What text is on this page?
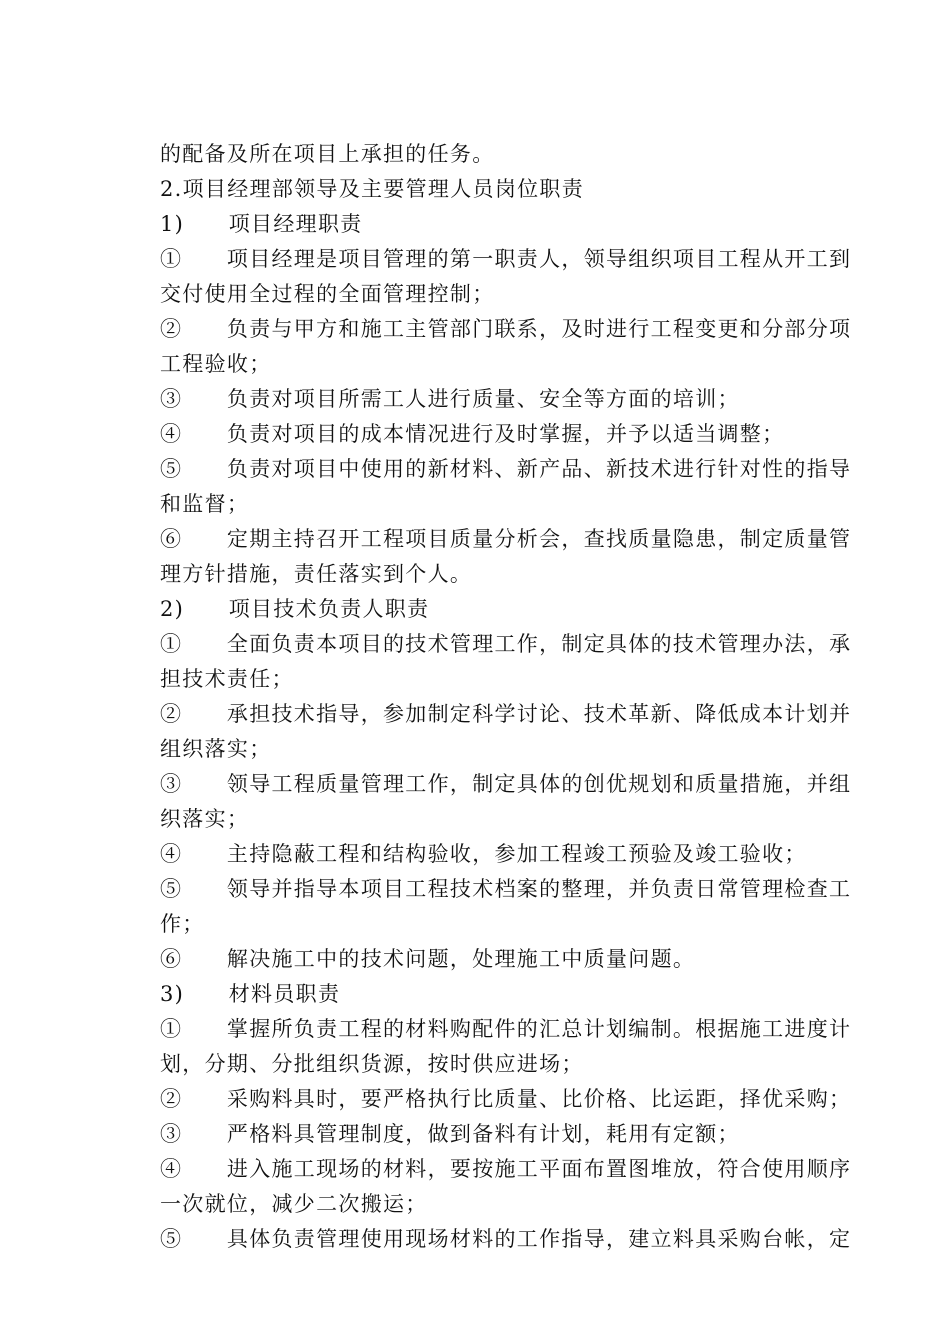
的配备及所在项目上承担的任务。
2.项目经理部领导及主要管理人员岗位职责
1)　　项目经理职责
①　　项目经理是项目管理的第一职责人，领导组织项目工程从开工到
交付使用全过程的全面管理控制；
②　　负责与甲方和施工主管部门联系，及时进行工程变更和分部分项
工程验收；
③　　负责对项目所需工人进行质量、安全等方面的培训；
④　　负责对项目的成本情况进行及时掌握，并予以适当调整；
⑤　　负责对项目中使用的新材料、新产品、新技术进行针对性的指导
和监督；
⑥　　定期主持召开工程项目质量分析会，查找质量隐患，制定质量管
理方针措施，责任落实到个人。
2)　　项目技术负责人职责
①　　全面负责本项目的技术管理工作，制定具体的技术管理办法，承
担技术责任；
②　　承担技术指导，参加制定科学讨论、技术革新、降低成本计划并
组织落实；
③　　领导工程质量管理工作，制定具体的创优规划和质量措施，并组
织落实；
④　　主持隐蔽工程和结构验收，参加工程竣工预验及竣工验收；
⑤　　领导并指导本项目工程技术档案的整理，并负责日常管理检查工
作；
⑥　　解决施工中的技术问题，处理施工中质量问题。
3)　　材料员职责
①　　掌握所负责工程的材料购配件的汇总计划编制。根据施工进度计
划，分期、分批组织货源，按时供应进场；
②　　采购料具时，要严格执行比质量、比价格、比运距，择优采购；
③　　严格料具管理制度，做到备料有计划，耗用有定额；
④　　进入施工现场的材料，要按施工平面布置图堆放，符合使用顺序
一次就位，减少二次搬运；
⑤　　具体负责管理使用现场材料的工作指导，建立料具采购台帐，定
